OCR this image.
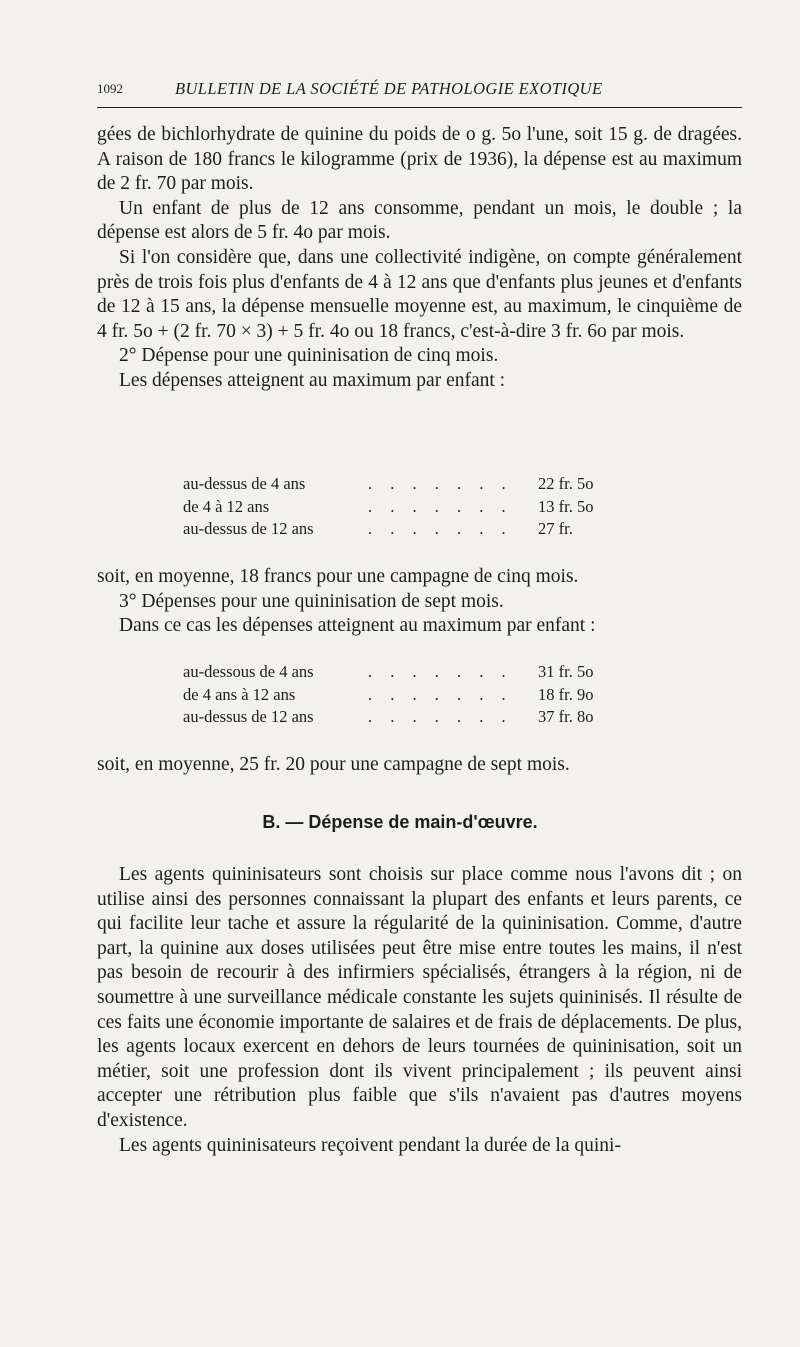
1092	BULLETIN DE LA SOCIÉTÉ DE PATHOLOGIE EXOTIQUE

gées de bichlorhydrate de quinine du poids de o g. 5o l'une, soit 15 g. de dragées. A raison de 180 francs le kilogramme (prix de 1936), la dépense est au maximum de 2 fr. 70 par mois.

Un enfant de plus de 12 ans consomme, pendant un mois, le double ; la dépense est alors de 5 fr. 4o par mois.

Si l'on considère que, dans une collectivité indigène, on compte généralement près de trois fois plus d'enfants de 4 à 12 ans que d'enfants plus jeunes et d'enfants de 12 à 15 ans, la dépense mensuelle moyenne est, au maximum, le cinquième de 4 fr. 5o + (2 fr. 70 × 3) + 5 fr. 4o ou 18 francs, c'est-à-dire 3 fr. 6o par mois.

2° Dépense pour une quininisation de cinq mois.

Les dépenses atteignent au maximum par enfant :

au-dessus de 4 ans	. . . . . . .	22 fr. 5o
de 4 à 12 ans	. . . . . . .	13 fr. 5o
au-dessus de 12 ans	. . . . . . .	27 fr.

soit, en moyenne, 18 francs pour une campagne de cinq mois.

3° Dépenses pour une quininisation de sept mois.

Dans ce cas les dépenses atteignent au maximum par enfant :

au-dessous de 4 ans	. . . . . . .	31 fr. 5o
de 4 ans à 12 ans	. . . . . . .	18 fr. 9o
au-dessus de 12 ans	. . . . . . .	37 fr. 8o

soit, en moyenne, 25 fr. 20 pour une campagne de sept mois.

B. — Dépense de main-d'œuvre.

Les agents quininisateurs sont choisis sur place comme nous l'avons dit ; on utilise ainsi des personnes connaissant la plupart des enfants et leurs parents, ce qui facilite leur tache et assure la régularité de la quininisation. Comme, d'autre part, la quinine aux doses utilisées peut être mise entre toutes les mains, il n'est pas besoin de recourir à des infirmiers spécialisés, étrangers à la région, ni de soumettre à une surveillance médicale constante les sujets quininisés. Il résulte de ces faits une économie importante de salaires et de frais de déplacements. De plus, les agents locaux exercent en dehors de leurs tournées de quininisation, soit un métier, soit une profession dont ils vivent principalement ; ils peuvent ainsi accepter une rétribution plus faible que s'ils n'avaient pas d'autres moyens d'existence.

Les agents quininisateurs reçoivent pendant la durée de la quini-
